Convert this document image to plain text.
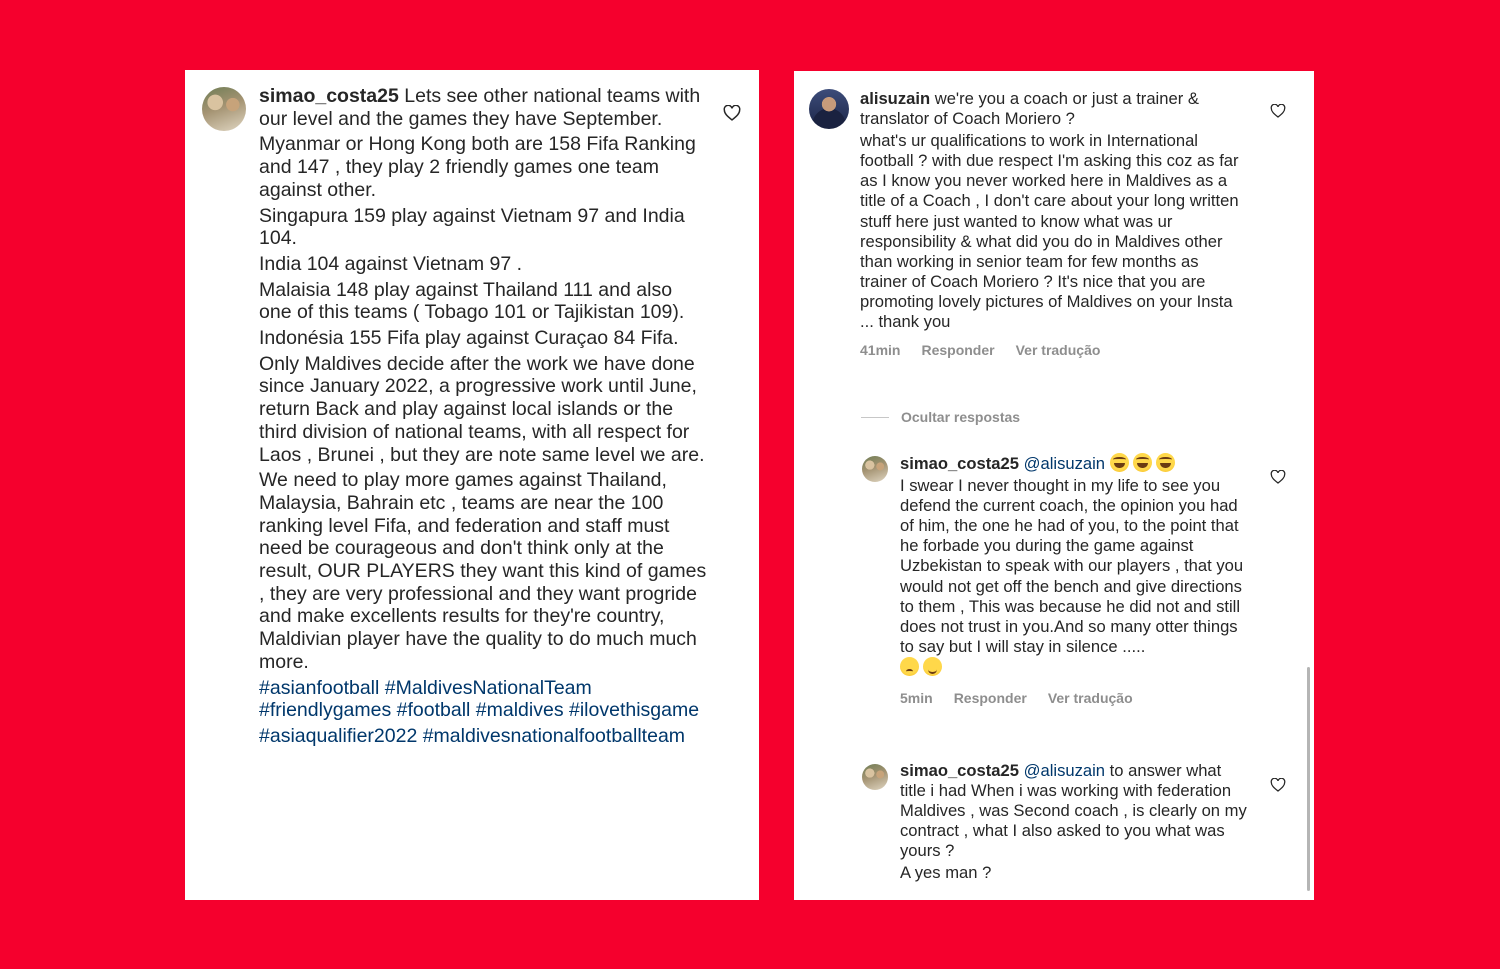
simao_costa25 Lets see other national teams with our level and the games they have September.

Myanmar or Hong Kong both are 158 Fifa Ranking and 147 , they play 2 friendly games one team against other.

Singapura 159 play against Vietnam 97 and India 104.

India 104 against Vietnam 97 .

Malaisia 148 play against Thailand 111 and also one of this teams ( Tobago 101 or Tajikistan 109).

Indonésia 155 Fifa play against Curaçao 84 Fifa.

Only Maldives decide after the work we have done since January 2022, a progressive work until June, return Back and play against local islands or the third division of national teams, with all respect for Laos , Brunei , but they are note same level we are.

We need to play more games against Thailand, Malaysia, Bahrain etc , teams are near the 100 ranking level Fifa, and federation and staff must need be courageous and don't think only at the result, OUR PLAYERS they want this kind of games , they are very professional and they want progride and make excellents results for they're country, Maldivian player have the quality to do much much more.

#asianfootball #MaldivesNationalTeam #friendlygames #football #maldives #ilovethisgame

#asiaqualifier2022 #maldivesnationalfootballteam

alisuzain we're you a coach or just a trainer & translator of Coach Moriero ?

what's ur qualifications to work in International football ? with due respect I'm asking this coz as far as I know you never worked here in Maldives as a title of a Coach , I don't care about your long written stuff here just wanted to know what was ur responsibility & what did you do in Maldives other than working in senior team for few months as trainer of Coach Moriero ? It's nice that you are promoting lovely pictures of Maldives on your Insta ... thank you

41min Responder Ver tradução
Ocultar respostas

simao_costa25 @alisuzain

I swear I never thought in my life to see you defend the current coach, the opinion you had of him, the one he had of you, to the point that he forbade you during the game against Uzbekistan to speak with our players , that you would not get off the bench and give directions to them , This was because he did not and still does not trust in you.And so many otter things to say but I will stay in silence .....

5min Responder Ver tradução

simao_costa25 @alisuzain to answer what title i had When i was working with federation Maldives , was Second coach , is clearly on my contract , what I also asked to you what was yours ?

A yes man ?
